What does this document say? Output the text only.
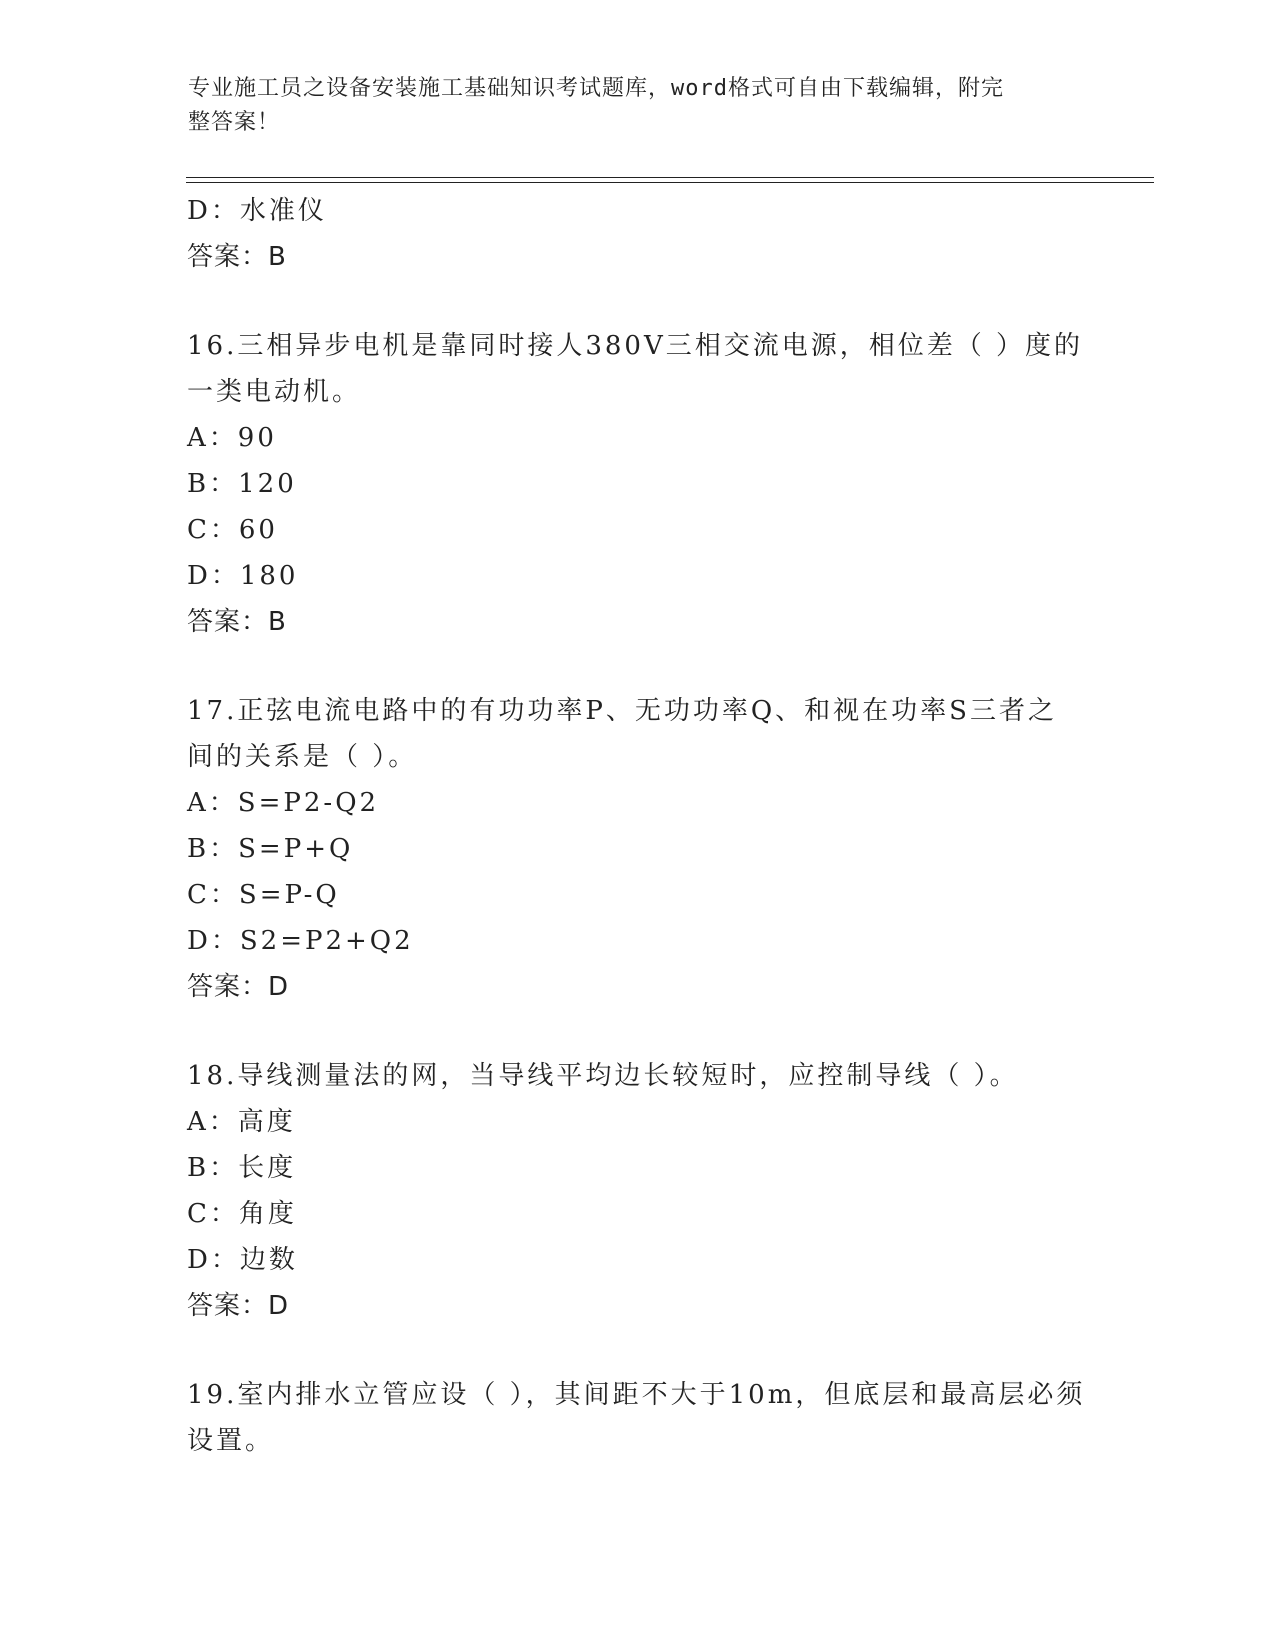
专业施工员之设备安装施工基础知识考试题库，word格式可自由下载编辑，附完
整答案！
D：水准仪
答案：B
16.三相异步电机是靠同时接人380V三相交流电源，相位差（ ）度的
一类电动机。
A：90
B：120
C：60
D：180
答案：B
17.正弦电流电路中的有功功率P、无功功率Q、和视在功率S三者之
间的关系是（ ）。
A：S=P2-Q2
B：S=P+Q
C：S=P-Q
D：S2=P2+Q2
答案：D
18.导线测量法的网，当导线平均边长较短时，应控制导线（ ）。
A：高度
B：长度
C：角度
D：边数
答案：D
19.室内排水立管应设（ ），其间距不大于10m，但底层和最高层必须
设置。
